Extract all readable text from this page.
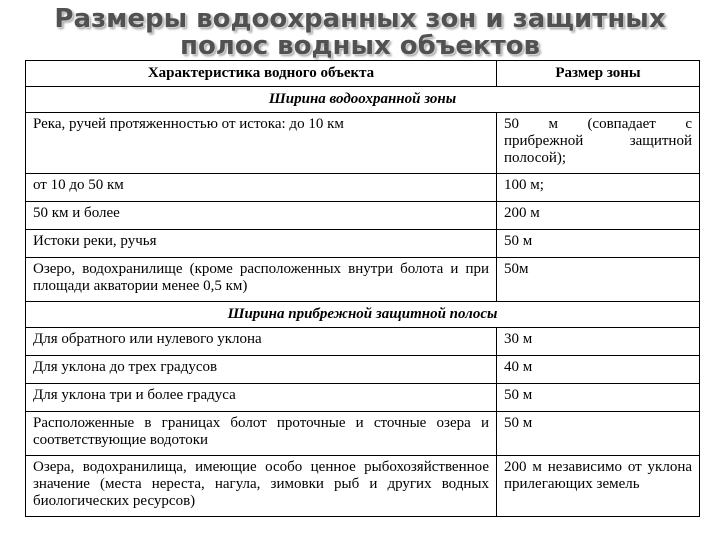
Размеры водоохранных зон и защитных
полос водных объектов
Характеристика водного объекта	Размер зоны
Ширина водоохранной зоны	
Река, ручей протяженностью от истока: до 10 км	50 м (совпадает с прибрежной защитной полосой);
от 10 до 50 км	100 м;
50 км и более	200 м
Истоки реки, ручья	50 м
Озеро, водохранилище (кроме расположенных внутри болота и при площади акватории менее 0,5 км)	50м
Ширина прибрежной защитной полосы	
Для обратного или нулевого уклона	30 м
Для уклона до трех градусов	40 м
Для уклона три и более градуса	50 м
Расположенные в границах болот проточные и сточные озера и соответствующие водотоки	50 м
Озера, водохранилища, имеющие особо ценное рыбохозяйственное значение (места нереста, нагула, зимовки рыб и других водных биологических ресурсов)	200 м независимо от уклона прилегающих земель
